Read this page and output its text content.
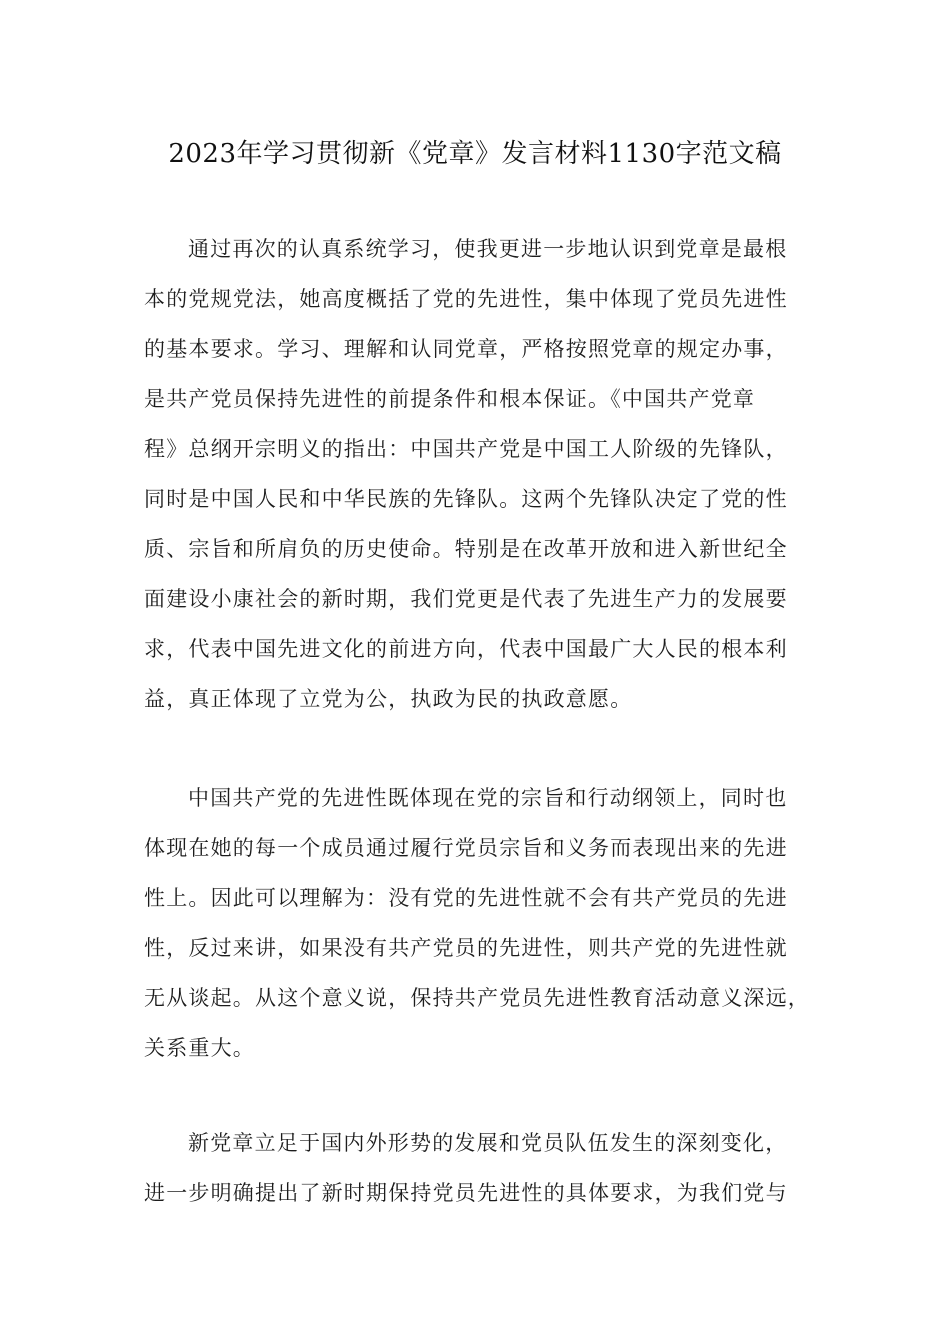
2023年学习贯彻新《党章》发言材料1130字范文稿
通过再次的认真系统学习，使我更进一步地认识到党章是最根
本的党规党法，她高度概括了党的先进性，集中体现了党员先进性
的基本要求。学习、理解和认同党章，严格按照党章的规定办事，
是共产党员保持先进性的前提条件和根本保证。《中国共产党章
程》总纲开宗明义的指出：中国共产党是中国工人阶级的先锋队，
同时是中国人民和中华民族的先锋队。这两个先锋队决定了党的性
质、宗旨和所肩负的历史使命。特别是在改革开放和进入新世纪全
面建设小康社会的新时期，我们党更是代表了先进生产力的发展要
求，代表中国先进文化的前进方向，代表中国最广大人民的根本利
益，真正体现了立党为公，执政为民的执政意愿。
中国共产党的先进性既体现在党的宗旨和行动纲领上，同时也
体现在她的每一个成员通过履行党员宗旨和义务而表现出来的先进
性上。因此可以理解为：没有党的先进性就不会有共产党员的先进
性，反过来讲，如果没有共产党员的先进性，则共产党的先进性就
无从谈起。从这个意义说，保持共产党员先进性教育活动意义深远，
关系重大。
新党章立足于国内外形势的发展和党员队伍发生的深刻变化，
进一步明确提出了新时期保持党员先进性的具体要求，为我们党与
